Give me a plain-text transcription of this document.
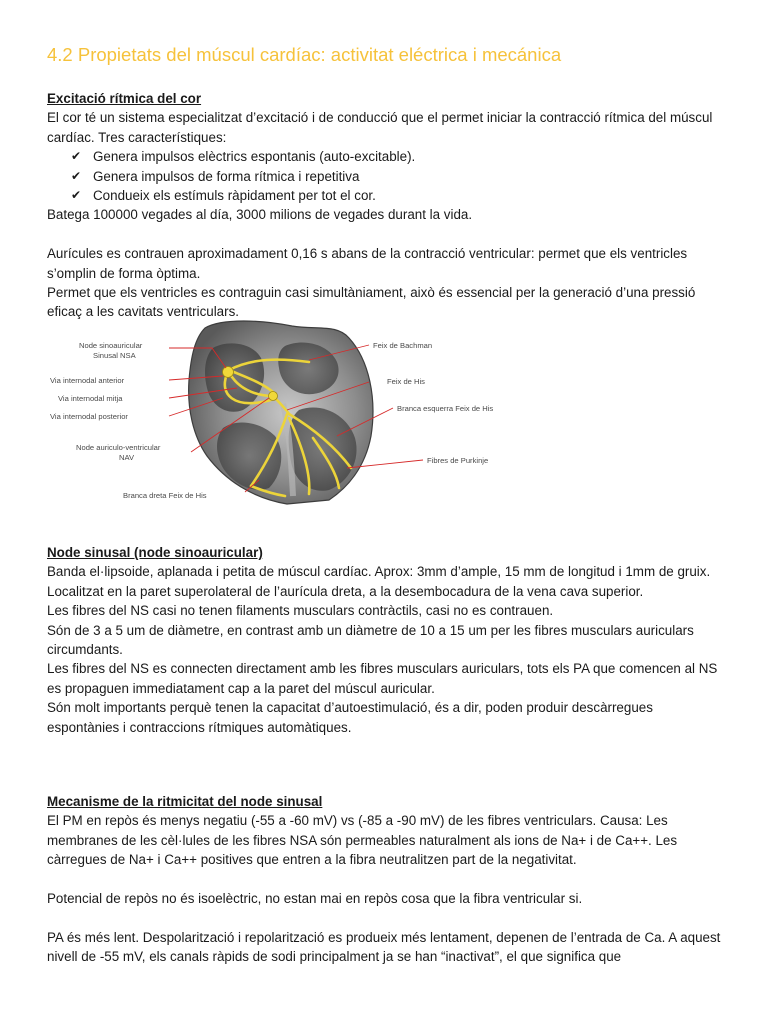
4.2 Propietats del múscul cardíac: activitat eléctrica i mecánica

Excitació rítmica del cor

El cor té un sistema especialitzat d’excitació i de conducció que el permet iniciar la contracció rítmica del múscul cardíac. Tres característiques:

✔ Genera impulsos elèctrics espontanis (auto-excitable).
✔ Genera impulsos de forma rítmica i repetitiva
✔ Condueix els estímuls ràpidament per tot el cor.

Batega 100000 vegades al día, 3000 milions de vegades durant la vida.

Aurícules es contrauen aproximadament 0,16 s abans de la contracció ventricular: permet que els ventricles s’omplin de forma òptima.

Permet que els ventricles es contraguin casi simultàniament, això és essencial per la generació d’una pressió eficaç a les cavitats ventriculars.

Node sinoauricular
Sinusal NSA
Via internodal anterior
Via internodal mitja
Via internodal posterior
Node auriculo-ventricular
NAV
Branca dreta Feix de His
Feix de Bachman
Feix de His
Branca esquerra Feix de His
Fibres de Purkinje

Node sinusal (node sinoauricular)

Banda el·lipsoide, aplanada i petita de múscul cardíac. Aprox: 3mm d’ample, 15 mm de longitud i 1mm de gruix.

Localitzat en la paret superolateral de l’aurícula dreta, a la desembocadura de la vena cava superior.

Les fibres del NS casi no tenen filaments musculars contràctils, casi no es contrauen.

Són de 3 a 5 um de diàmetre, en contrast amb un diàmetre de 10 a 15 um per les fibres musculars auriculars circumdants.

Les fibres del NS es connecten directament amb les fibres musculars auriculars, tots els PA que comencen al NS es propaguen immediatament cap a la paret del múscul auricular.

Són molt importants perquè tenen la capacitat d’autoestimulació, és a dir, poden produir descàrregues espontànies i contraccions rítmiques automàtiques.

Mecanisme de la ritmicitat del node sinusal

El PM en repòs és menys negatiu (-55 a -60 mV) vs (-85 a -90 mV) de les fibres ventriculars. Causa: Les membranes de les cèl·lules de les fibres NSA són permeables naturalment als ions de Na+ i de Ca++. Les càrregues de Na+ i Ca++ positives que entren a la fibra neutralitzen part de la negativitat.

Potencial de repòs no és isoelèctric, no estan mai en repòs cosa que la fibra ventricular si.

PA és més lent. Despolarització i repolarització es produeix més lentament, depenen de l’entrada de Ca. A aquest nivell de -55 mV, els canals ràpids de sodi principalment ja se han “inactivat”, el que significa que
